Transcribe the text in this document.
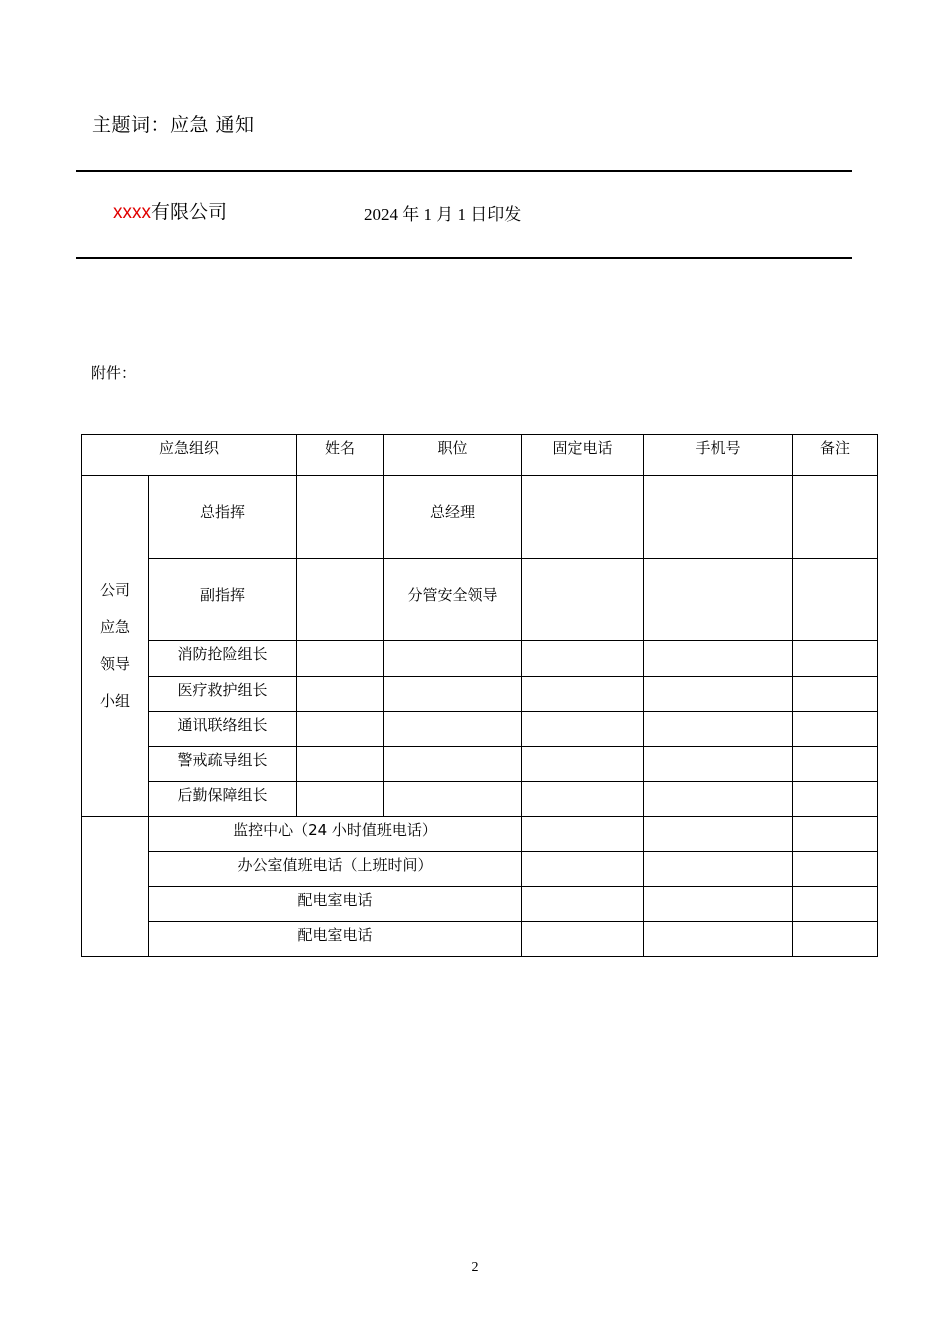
主题词：应急 通知
xxxx有限公司	2024 年 1 月 1 日印发
附件：
应急组织		姓名	职位	固定电话	手机号	备注

公司
应急
领导
小组	总指挥		总经理			
	副指挥		分管安全领导			
	消防抢险组长					
	医疗救护组长					
	通讯联络组长					
	警戒疏导组长					
	后勤保障组长					
	监控中心（24 小时值班电话）					
	办公室值班电话（上班时间）					
	配电室电话					
	配电室电话					
2
